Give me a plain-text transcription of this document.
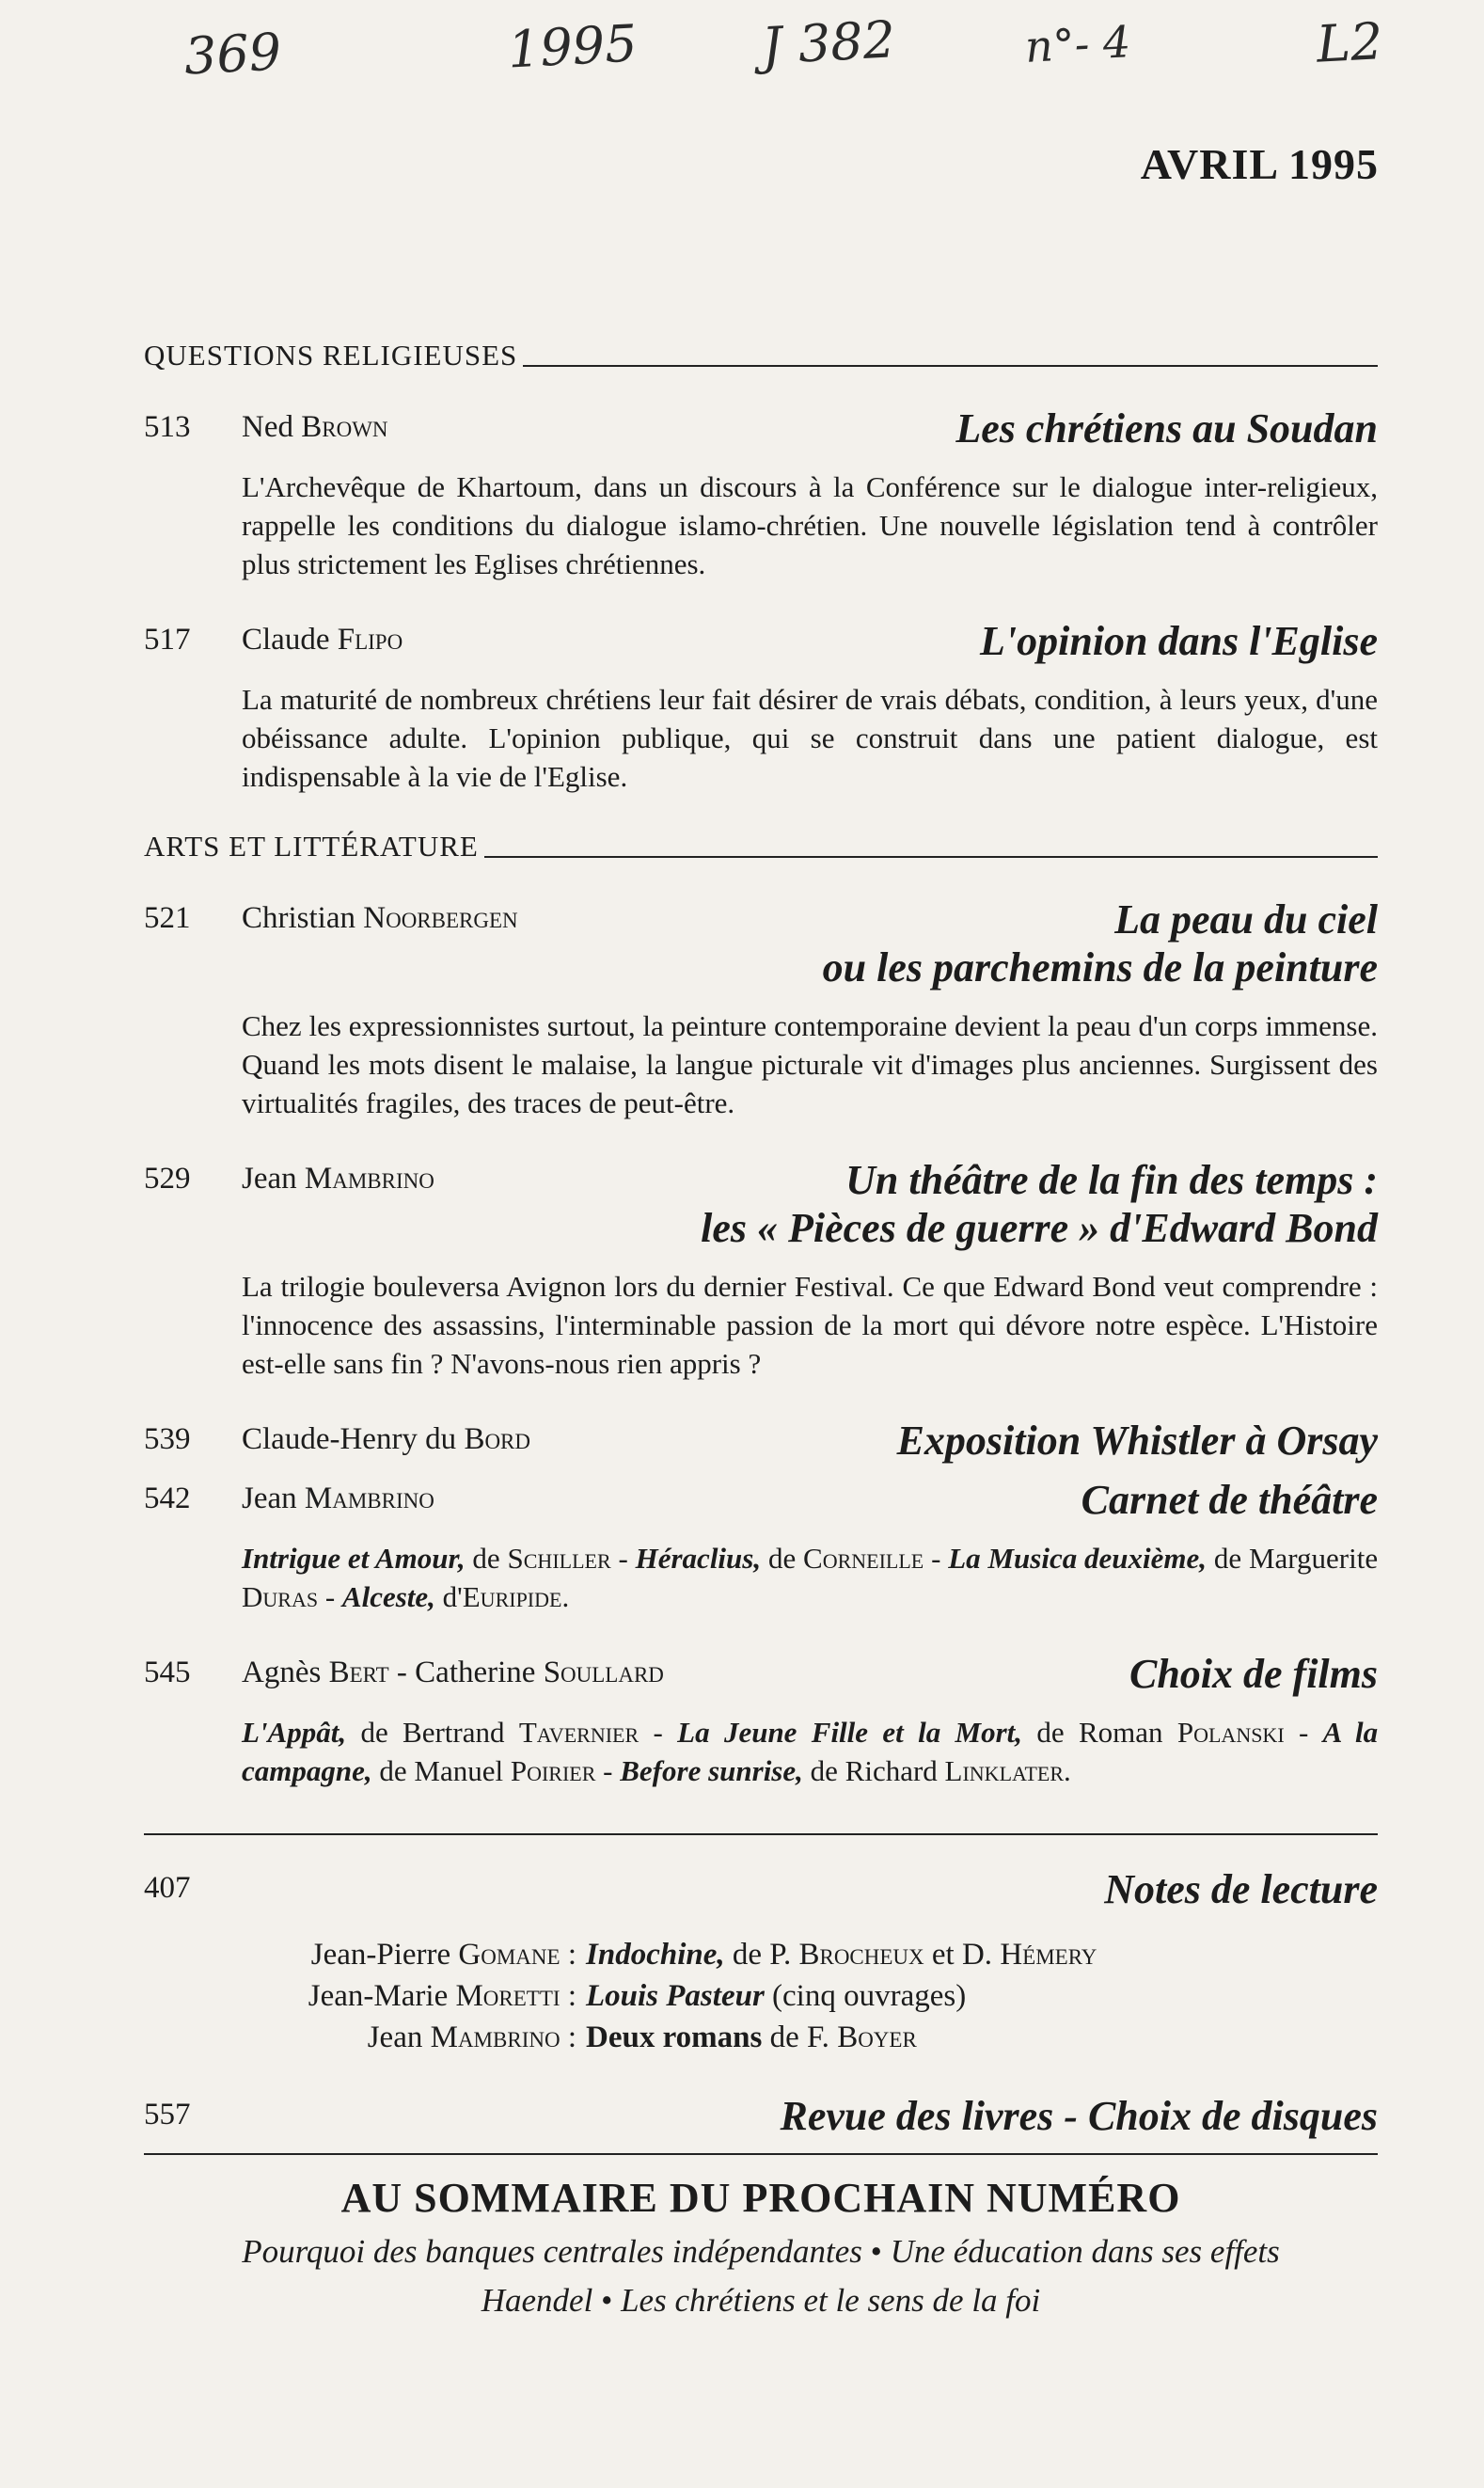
369	1995 J 382	n°- 4	L2
AVRIL 1995
QUESTIONS RELIGIEUSES
513	Ned Brown	Les chrétiens au Soudan
L'Archevêque de Khartoum, dans un discours à la Conférence sur le dialogue inter-religieux, rappelle les conditions du dialogue islamo-chrétien. Une nouvelle législation tend à contrôler plus strictement les Eglises chrétiennes.
517	Claude Flipo	L'opinion dans l'Eglise
La maturité de nombreux chrétiens leur fait désirer de vrais débats, condition, à leurs yeux, d'une obéissance adulte. L'opinion publique, qui se construit dans une patient dialogue, est indispensable à la vie de l'Eglise.
ARTS ET LITTÉRATURE
521	Christian Noorbergen	La peau du ciel
ou les parchemins de la peinture
Chez les expressionnistes surtout, la peinture contemporaine devient la peau d'un corps immense. Quand les mots disent le malaise, la langue picturale vit d'images plus anciennes. Surgissent des virtualités fragiles, des traces de peut-être.
529	Jean Mambrino	Un théâtre de la fin des temps :
les « Pièces de guerre » d'Edward Bond
La trilogie bouleversa Avignon lors du dernier Festival. Ce que Edward Bond veut comprendre : l'innocence des assassins, l'interminable passion de la mort qui dévore notre espèce. L'Histoire est-elle sans fin ? N'avons-nous rien appris ?
539	Claude-Henry du Bord	Exposition Whistler à Orsay
542	Jean Mambrino	Carnet de théâtre
Intrigue et Amour, de Schiller - Héraclius, de Corneille - La Musica deuxième, de Marguerite Duras - Alceste, d'Euripide.
545	Agnès Bert - Catherine Soullard	Choix de films
L'Appât, de Bertrand Tavernier - La Jeune Fille et la Mort, de Roman Polanski - A la campagne, de Manuel Poirier - Before sunrise, de Richard Linklater.
407	Notes de lecture
Jean-Pierre Gomane : Indochine, de P. Brocheux et D. Hémery
Jean-Marie Moretti : Louis Pasteur (cinq ouvrages)
Jean Mambrino : Deux romans de F. Boyer
557	Revue des livres - Choix de disques
AU SOMMAIRE DU PROCHAIN NUMÉRO
Pourquoi des banques centrales indépendantes • Une éducation dans ses effets
Haendel • Les chrétiens et le sens de la foi
